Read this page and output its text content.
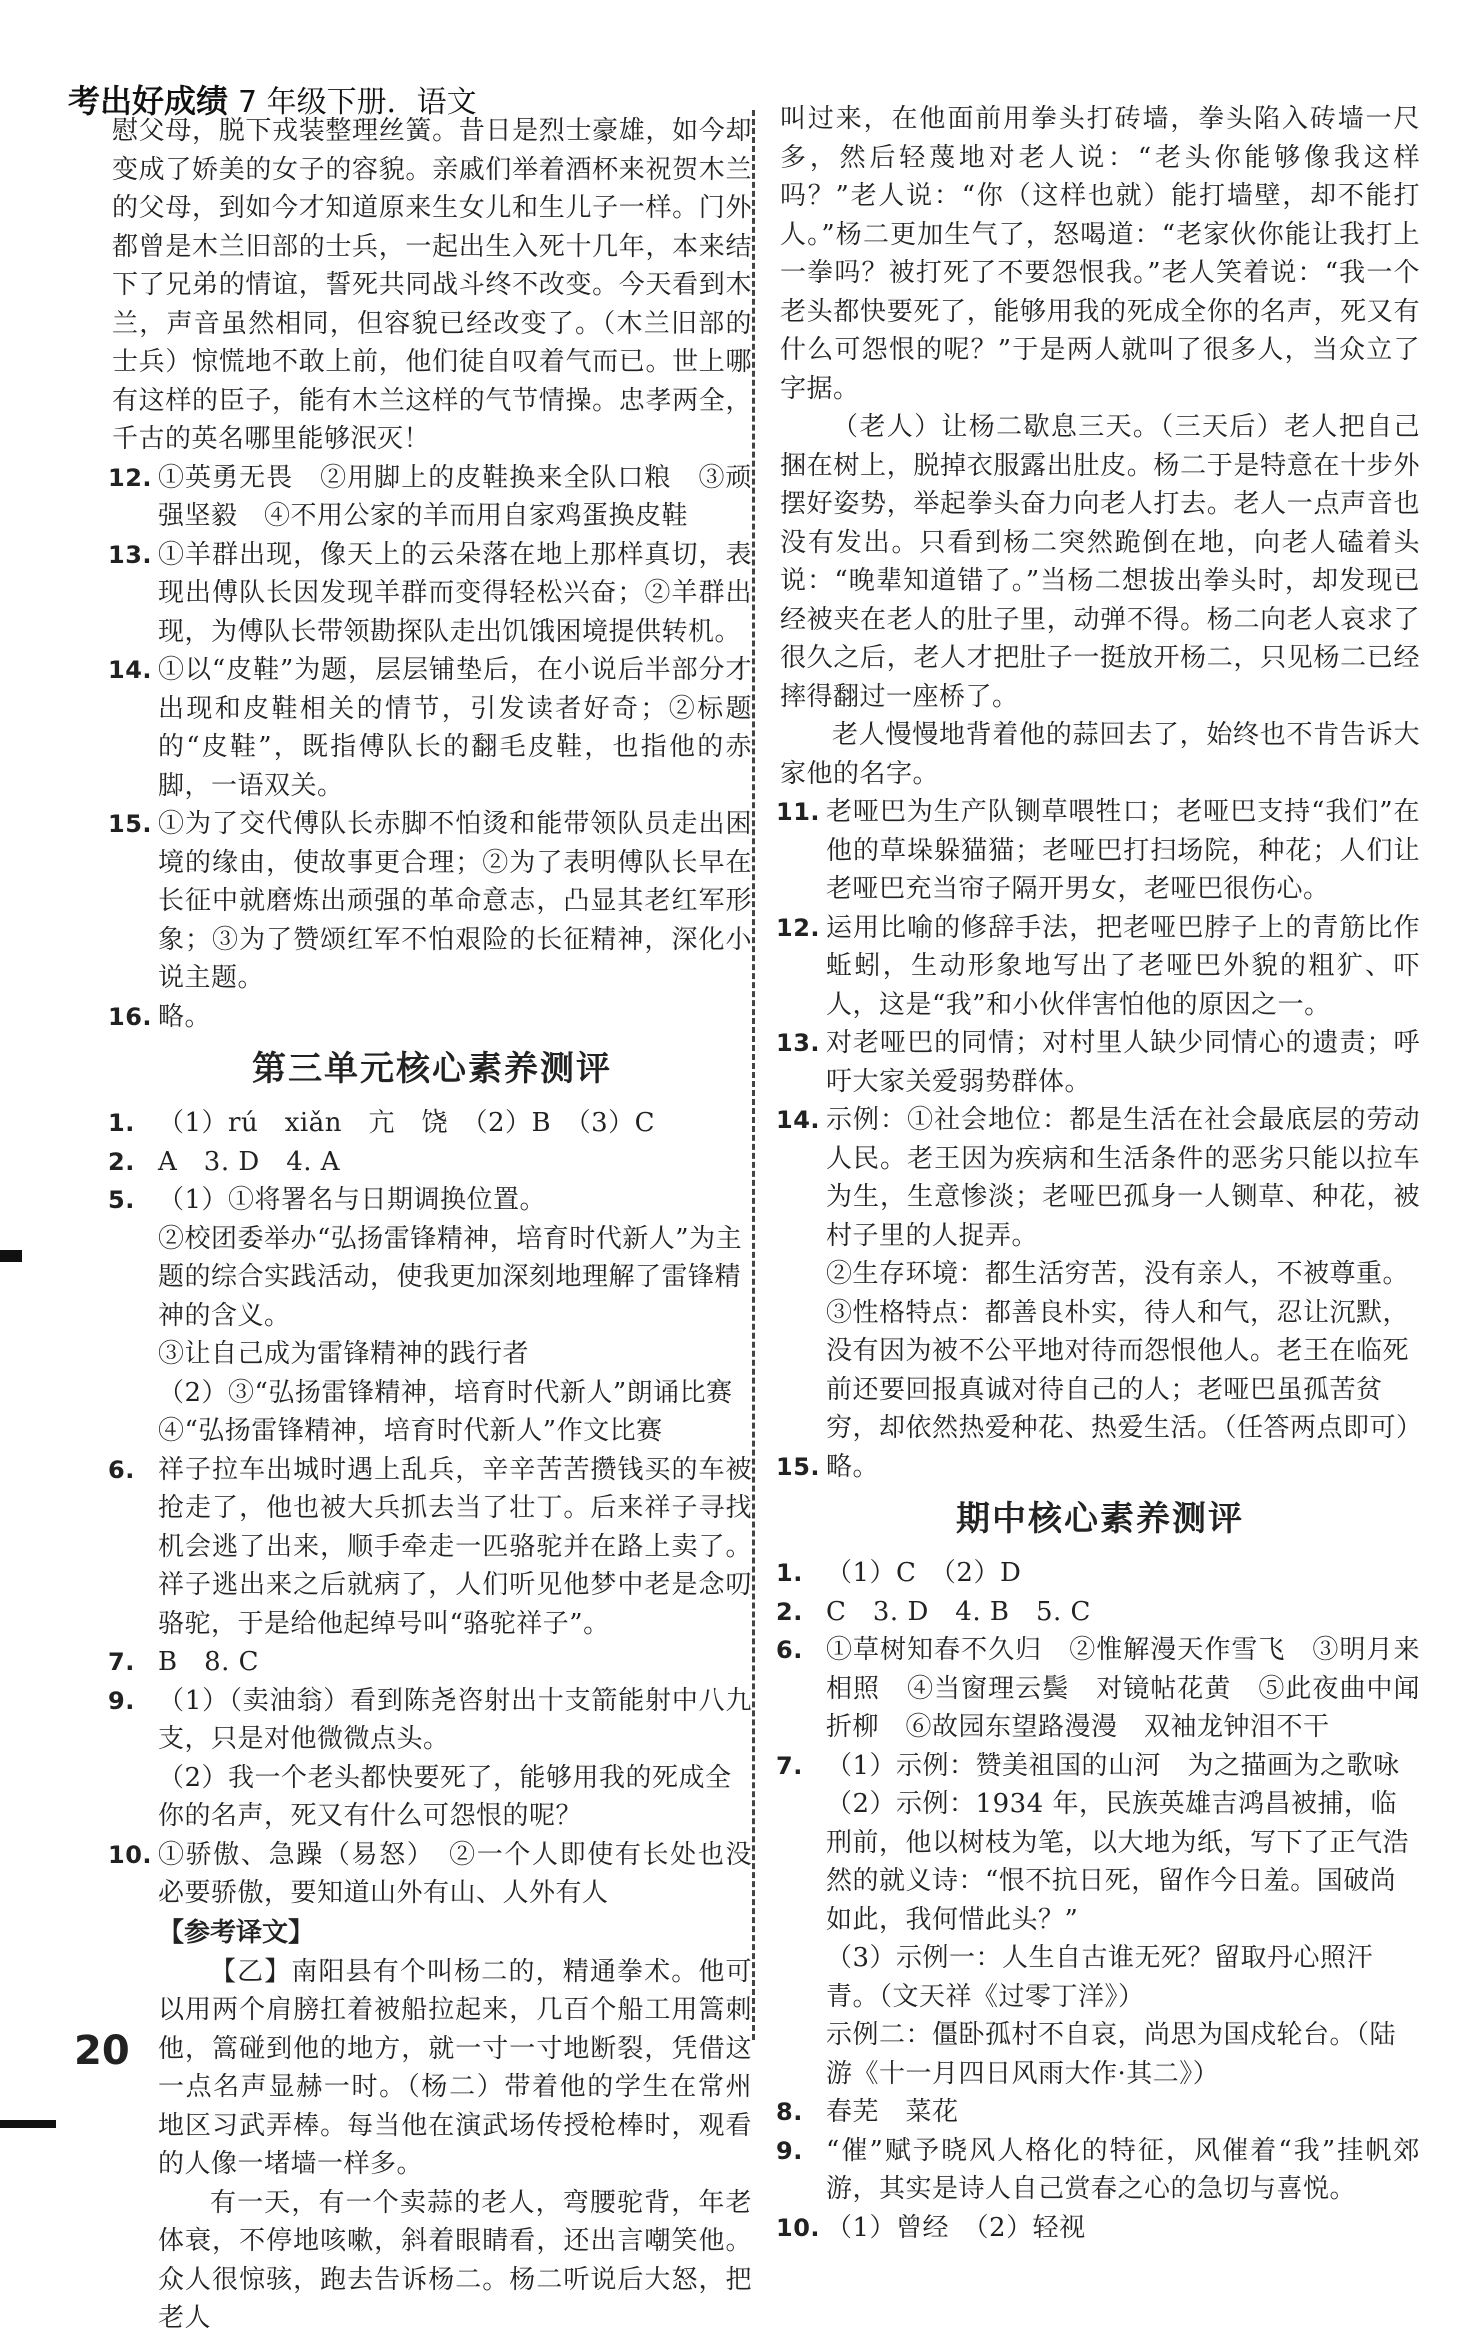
考出好成绩 7 年级下册．语文

慰父母，脱下戎装整理丝簧。昔日是烈士豪雄，如今却变成了娇美的女子的容貌。亲戚们举着酒杯来祝贺木兰的父母，到如今才知道原来生女儿和生儿子一样。门外都曾是木兰旧部的士兵，一起出生入死十几年，本来结下了兄弟的情谊，誓死共同战斗终不改变。今天看到木兰，声音虽然相同，但容貌已经改变了。（木兰旧部的士兵）惊慌地不敢上前，他们徒自叹着气而已。世上哪有这样的臣子，能有木兰这样的气节情操。忠孝两全，千古的英名哪里能够泯灭！

12. ①英勇无畏　②用脚上的皮鞋换来全队口粮　③顽强坚毅　④不用公家的羊而用自家鸡蛋换皮鞋
13. ①羊群出现，像天上的云朵落在地上那样真切，表现出傅队长因发现羊群而变得轻松兴奋；②羊群出现，为傅队长带领勘探队走出饥饿困境提供转机。
14. ①以“皮鞋”为题，层层铺垫后，在小说后半部分才出现和皮鞋相关的情节，引发读者好奇；②标题的“皮鞋”，既指傅队长的翻毛皮鞋，也指他的赤脚，一语双关。
15. ①为了交代傅队长赤脚不怕烫和能带领队员走出困境的缘由，使故事更合理；②为了表明傅队长早在长征中就磨炼出顽强的革命意志，凸显其老红军形象；③为了赞颂红军不怕艰险的长征精神，深化小说主题。
16. 略。
第三单元核心素养测评
1. （1）rú　xiǎn　亢　饶　（2）B　（3）C
2. A　3. D　4. A
5. （1）①将署名与日期调换位置。

②校团委举办“弘扬雷锋精神，培育时代新人”为主题的综合实践活动，使我更加深刻地理解了雷锋精神的含义。

③让自己成为雷锋精神的践行者

（2）③“弘扬雷锋精神，培育时代新人”朗诵比赛

④“弘扬雷锋精神，培育时代新人”作文比赛

6. 祥子拉车出城时遇上乱兵，辛辛苦苦攒钱买的车被抢走了，他也被大兵抓去当了壮丁。后来祥子寻找机会逃了出来，顺手牵走一匹骆驼并在路上卖了。祥子逃出来之后就病了，人们听见他梦中老是念叨骆驼，于是给他起绰号叫“骆驼祥子”。
7. B　8. C
9. （1）（卖油翁）看到陈尧咨射出十支箭能射中八九支，只是对他微微点头。

（2）我一个老头都快要死了，能够用我的死成全你的名声，死又有什么可怨恨的呢？

10. ①骄傲、急躁（易怒）　②一个人即使有长处也没必要骄傲，要知道山外有山、人外有人
【参考译文】

【乙】南阳县有个叫杨二的，精通拳术。他可以用两个肩膀扛着被船拉起来，几百个船工用篙刺他，篙碰到他的地方，就一寸一寸地断裂，凭借这一点名声显赫一时。（杨二）带着他的学生在常州地区习武弄棒。每当他在演武场传授枪棒时，观看的人像一堵墙一样多。

有一天，有一个卖蒜的老人，弯腰驼背，年老体衰，不停地咳嗽，斜着眼睛看，还出言嘲笑他。众人很惊骇，跑去告诉杨二。杨二听说后大怒，把老人

叫过来，在他面前用拳头打砖墙，拳头陷入砖墙一尺多，然后轻蔑地对老人说：“老头你能够像我这样吗？”老人说：“你（这样也就）能打墙壁，却不能打人。”杨二更加生气了，怒喝道：“老家伙你能让我打上一拳吗？被打死了不要怨恨我。”老人笑着说：“我一个老头都快要死了，能够用我的死成全你的名声，死又有什么可怨恨的呢？”于是两人就叫了很多人，当众立了字据。

（老人）让杨二歇息三天。（三天后）老人把自己捆在树上，脱掉衣服露出肚皮。杨二于是特意在十步外摆好姿势，举起拳头奋力向老人打去。老人一点声音也没有发出。只看到杨二突然跪倒在地，向老人磕着头说：“晚辈知道错了。”当杨二想拔出拳头时，却发现已经被夹在老人的肚子里，动弹不得。杨二向老人哀求了很久之后，老人才把肚子一挺放开杨二，只见杨二已经摔得翻过一座桥了。

老人慢慢地背着他的蒜回去了，始终也不肯告诉大家他的名字。

11. 老哑巴为生产队铡草喂牲口；老哑巴支持“我们”在他的草垛躲猫猫；老哑巴打扫场院，种花；人们让老哑巴充当帘子隔开男女，老哑巴很伤心。
12. 运用比喻的修辞手法，把老哑巴脖子上的青筋比作蚯蚓，生动形象地写出了老哑巴外貌的粗犷、吓人，这是“我”和小伙伴害怕他的原因之一。
13. 对老哑巴的同情；对村里人缺少同情心的遗责；呼吁大家关爱弱势群体。
14. 示例：①社会地位：都是生活在社会最底层的劳动人民。老王因为疾病和生活条件的恶劣只能以拉车为生，生意惨淡；老哑巴孤身一人铡草、种花，被村子里的人捉弄。

②生存环境：都生活穷苦，没有亲人，不被尊重。

③性格特点：都善良朴实，待人和气，忍让沉默，没有因为被不公平地对待而怨恨他人。老王在临死前还要回报真诚对待自己的人；老哑巴虽孤苦贫穷，却依然热爱种花、热爱生活。（任答两点即可）

15. 略。
期中核心素养测评
1. （1）C　（2）D
2. C　3. D　4. B　5. C
6. ①草树知春不久归　②惟解漫天作雪飞　③明月来相照　④当窗理云鬓　对镜帖花黄　⑤此夜曲中闻折柳　⑥故园东望路漫漫　双袖龙钟泪不干
7. （1）示例：赞美祖国的山河　为之描画为之歌咏

（2）示例：1934 年，民族英雄吉鸿昌被捕，临刑前，他以树枝为笔，以大地为纸，写下了正气浩然的就义诗：“恨不抗日死，留作今日羞。国破尚如此，我何惜此头？”

（3）示例一：人生自古谁无死？留取丹心照汗青。（文天祥《过零丁洋》）

示例二：僵卧孤村不自哀，尚思为国戍轮台。（陆游《十一月四日风雨大作·其二》）

8. 春芜　菜花
9. “催”赋予晓风人格化的特征，风催着“我”挂帆郊游，其实是诗人自己赏春之心的急切与喜悦。
10. （1）曾经　（2）轻视
20
